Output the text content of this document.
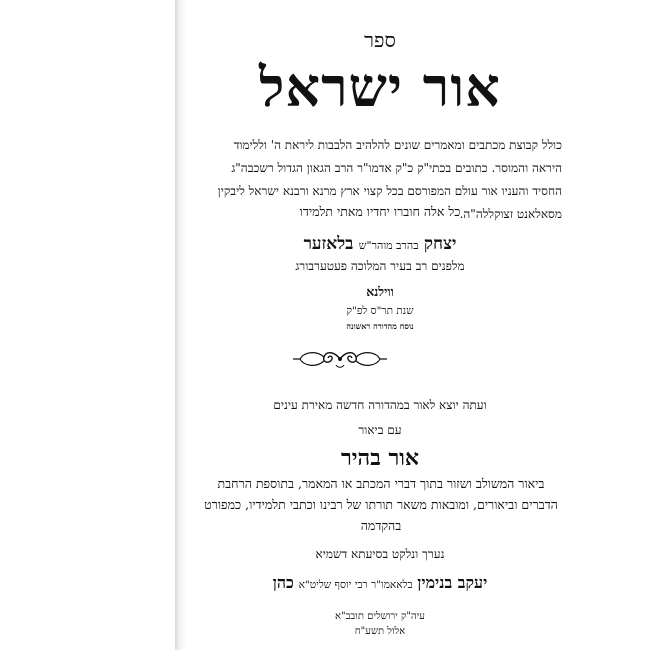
ספר
אור ישראל
כולל קבוצת מכתבים ומאמרים שונים להלהיב הלבבות ליראת ה' וללימוד היראה והמוסר. כתובים בכתי"ק כ"ק אדמו"ר הרב הגאון הגדול רשכבה"ג החסיד והעניו אור עולם המפורסם בכל קצוי ארץ מרנא ורבנא ישראל ליבקין מסאלאנט זצוקללה"ה.
כל אלה חוברו יחדיו מאתי תלמידו
יצחק בהרב מוהר"ש בלאזער
מלפנים רב בעיר המלוכה פעטערבורג
ווילנא
שנת תר"ס לפ"ק
נוסח מהדורה ראשונה
ועתה יוצא לאור במהדורה חדשה מאירת עינים
עם ביאור
אור בהיר
ביאור המשולב ושזור בתוך דברי המכתב או המאמר, בתוספת הרחבת הדברים וביאורים, ומובאות משאר תורתו של רבינו וכתבי תלמידיו, כמפורט בהקדמה
נערך ונלקט בסיעתא דשמיא
יעקב בנימין בלאאמו"ר רבי יוסף שליט"א כהן
עיה"ק ירושלים תובב"א
אלול תשע"ח
